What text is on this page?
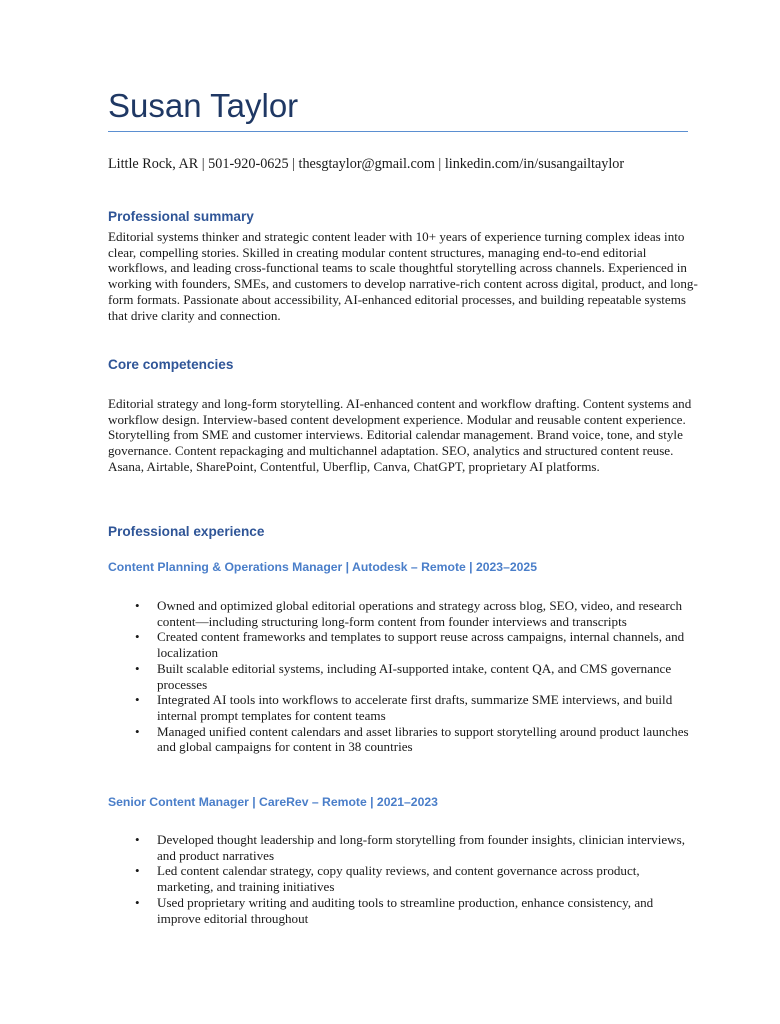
Susan Taylor
Little Rock, AR | 501-920-0625 | thesgtaylor@gmail.com | linkedin.com/in/susangailtaylor
Professional summary

Editorial systems thinker and strategic content leader with 10+ years of experience turning complex ideas into clear, compelling stories. Skilled in creating modular content structures, managing end-to-end editorial workflows, and leading cross-functional teams to scale thoughtful storytelling across channels. Experienced in working with founders, SMEs, and customers to develop narrative-rich content across digital, product, and long-form formats. Passionate about accessibility, AI-enhanced editorial processes, and building repeatable systems that drive clarity and connection.

Core competencies

Editorial strategy and long-form storytelling. AI-enhanced content and workflow drafting. Content systems and workflow design. Interview-based content development experience. Modular and reusable content experience. Storytelling from SME and customer interviews. Editorial calendar management. Brand voice, tone, and style governance. Content repackaging and multichannel adaptation. SEO, analytics and structured content reuse. Asana, Airtable, SharePoint, Contentful, Uberflip, Canva, ChatGPT, proprietary AI platforms.

Professional experience
Content Planning & Operations Manager | Autodesk – Remote | 2023–2025
• Owned and optimized global editorial operations and strategy across blog, SEO, video, and research content—including structuring long-form content from founder interviews and transcripts
• Created content frameworks and templates to support reuse across campaigns, internal channels, and localization
• Built scalable editorial systems, including AI-supported intake, content QA, and CMS governance processes
• Integrated AI tools into workflows to accelerate first drafts, summarize SME interviews, and build internal prompt templates for content teams
• Managed unified content calendars and asset libraries to support storytelling around product launches and global campaigns for content in 38 countries
Senior Content Manager | CareRev – Remote | 2021–2023
• Developed thought leadership and long-form storytelling from founder insights, clinician interviews, and product narratives
• Led content calendar strategy, copy quality reviews, and content governance across product, marketing, and training initiatives
• Used proprietary writing and auditing tools to streamline production, enhance consistency, and improve editorial throughout
